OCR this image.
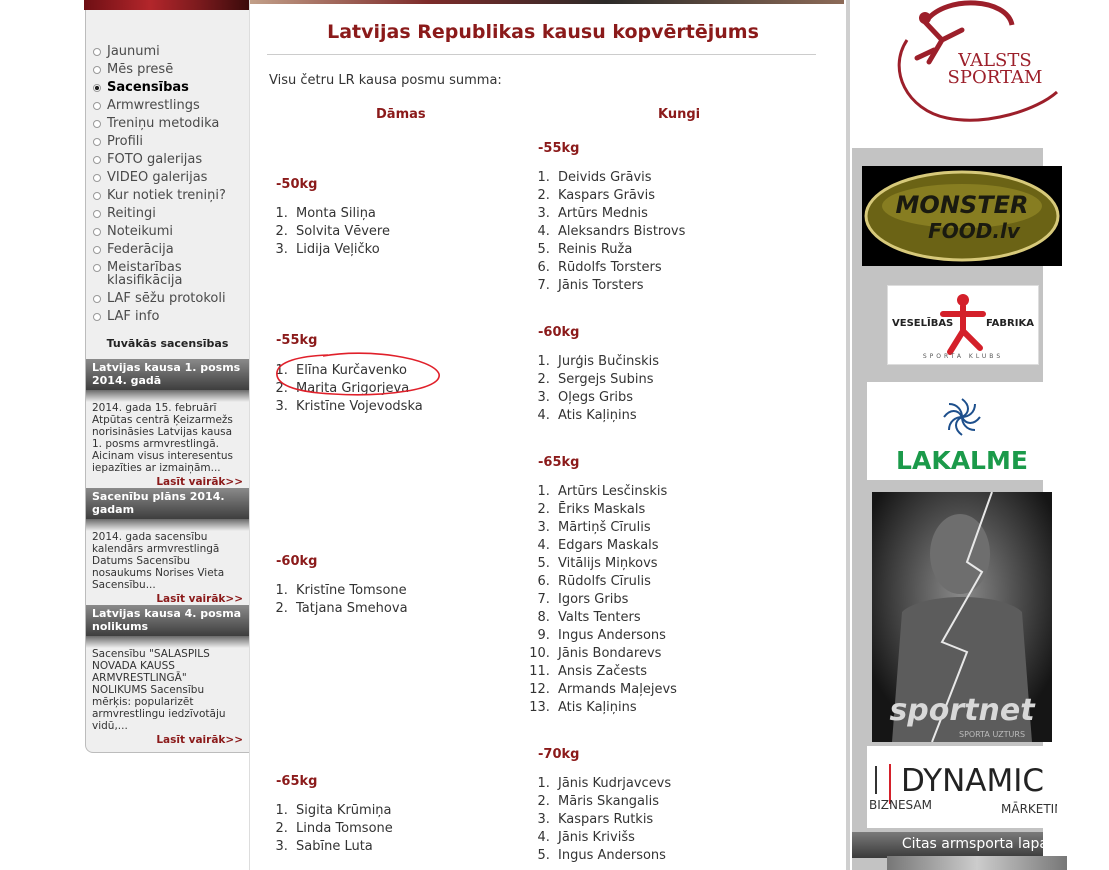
Jaunumi
Mēs presē
Sacensības
Armwrestlings
Treniņu metodika
Profili
FOTO galerijas
VIDEO galerijas
Kur notiek treniņi?
Reitingi
Noteikumi
Federācija
Meistarības klasifikācija
LAF sēžu protokoli
LAF info
Tuvākās sacensības
Latvijas kausa 1. posms 2014. gadā
2014. gada 15. februārī Atpūtas centrā Ķeizarmežs norisināsies Latvijas kausa 1. posms armvrestlingā. Aicinam visus interesentus iepazīties ar izmaiņām...
Lasīt vairāk>>
Sacenību plāns 2014. gadam
2014. gada sacensību kalendārs armvrestlingā Datums Sacensību nosaukums Norises Vieta Sacensību...
Lasīt vairāk>>
Latvijas kausa 4. posma nolikums
Sacensību "SALASPILS NOVADA KAUSS ARMVRESTLINGĀ" NOLIKUMS Sacensību mērķis: popularizēt armvrestlingu iedzīvotāju vidū,...
Lasīt vairāk>>
Latvijas Republikas kausu kopvērtējums
Visu četru LR kausa posmu summa:
Dāmas	Kungi
-50kg
1. Monta Siliņa
2. Solvita Vēvere
3. Lidija Veļičko
-55kg
1. Elīna Kurčavenko
2. Marita Grigorjeva
3. Kristīne Vojevodska
-60kg
1. Kristīne Tomsone
2. Tatjana Smehova
-65kg
1. Sigita Krūmiņa
2. Linda Tomsone
3. Sabīne Luta
-55kg
1. Deivids Grāvis
2. Kaspars Grāvis
3. Artūrs Mednis
4. Aleksandrs Bistrovs
5. Reinis Ruža
6. Rūdolfs Torsters
7. Jānis Torsters
-60kg
1. Jurģis Bučinskis
2. Sergejs Subins
3. Oļegs Gribs
4. Atis Kaļiņins
-65kg
1. Artūrs Lesčinskis
2. Ēriks Maskals
3. Mārtiņš Cīrulis
4. Edgars Maskals
5. Vitālijs Miņkovs
6. Rūdolfs Cīrulis
7. Igors Gribs
8. Valts Tenters
9. Ingus Andersons
10. Jānis Bondarevs
11. Ansis Začests
12. Armands Maļejevs
13. Atis Kaļiņins
-70kg
1. Jānis Kudrjavcevs
2. Māris Skangalis
3. Kaspars Rutkis
4. Jānis Krivišs
5. Ingus Andersons
VALSTS
SPORTAM
MONSTER
FOOD.lv
VESELĪBAS	FABRIKA
SPORTA KLUBS
LAKALME
sportnet
SPORTA UZTURS
DYNAMIC
BIZNESAM	MĀRKETIN
Citas armsporta lapa
